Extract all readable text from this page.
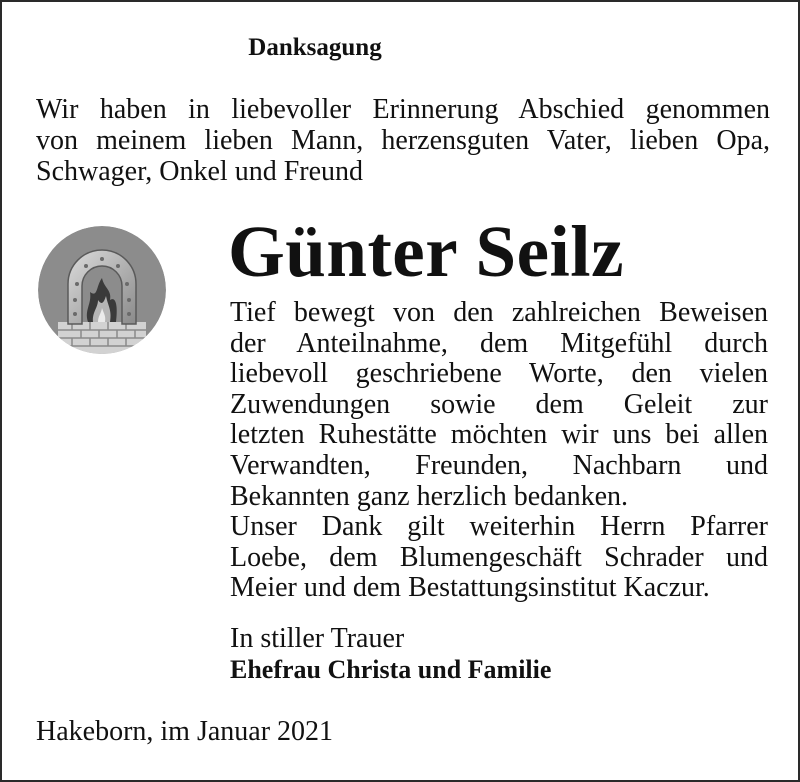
Danksagung
Wir haben in liebevoller Erinnerung Abschied genommen
von meinem lieben Mann, herzensguten Vater, lieben Opa,
Schwager, Onkel und Freund
Günter Seilz
Tief bewegt von den zahlreichen Beweisen
der Anteilnahme, dem Mitgefühl durch
liebevoll geschriebene Worte, den vielen
Zuwendungen sowie dem Geleit zur
letzten Ruhestätte möchten wir uns bei allen
Verwandten, Freunden, Nachbarn und
Bekannten ganz herzlich bedanken.
Unser Dank gilt weiterhin Herrn Pfarrer
Loebe, dem Blumengeschäft Schrader und
Meier und dem Bestattungsinstitut Kaczur.
In stiller Trauer
Ehefrau Christa und Familie
Hakeborn, im Januar 2021
